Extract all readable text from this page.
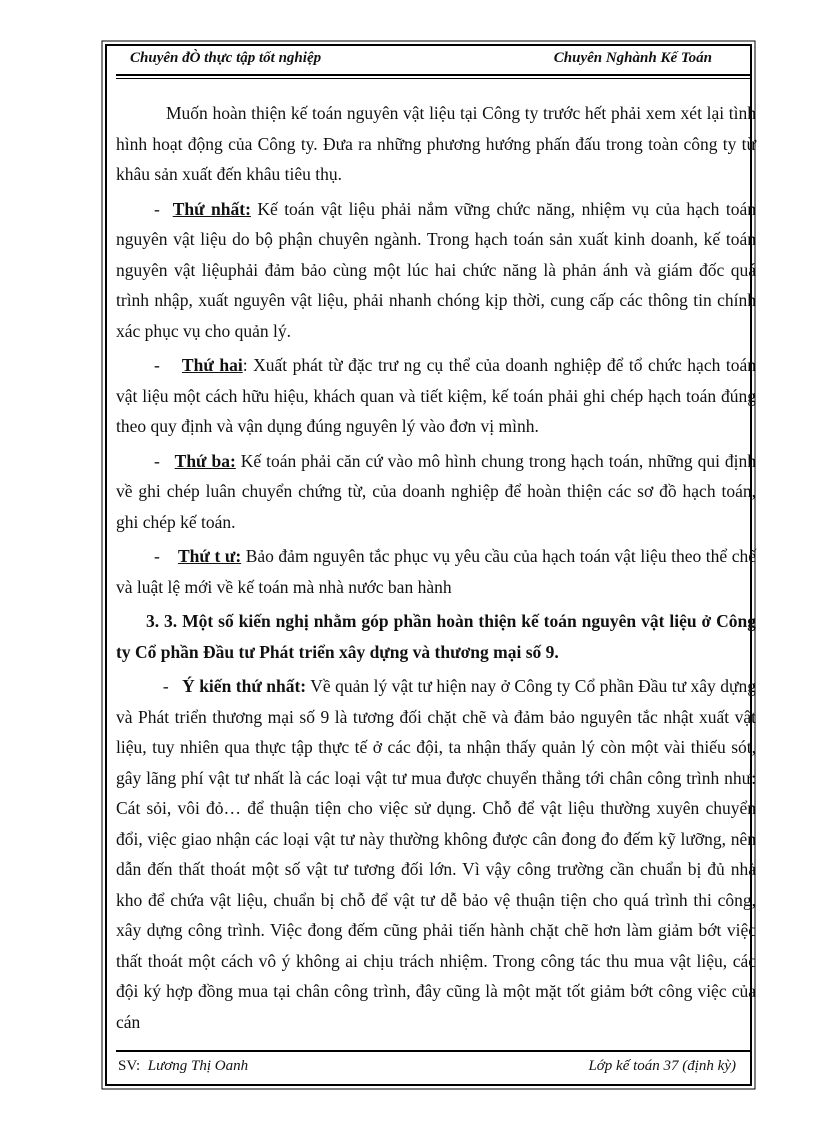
Chuyên đÒ thực tập tốt nghiệp	Chuyên Nghành Kế Toán

Muốn hoàn thiện kế toán nguyên vật liệu tại Công ty trước hết phải xem xét lại tình hình hoạt động của Công ty. Đưa ra những phương hướng phấn đấu trong toàn công ty từ khâu sản xuất đến khâu tiêu thụ.

-  Thứ nhất: Kế toán vật liệu phải nắm vững chức năng, nhiệm vụ của hạch toán nguyên vật liệu do bộ phận chuyên ngành. Trong hạch toán sản xuất kinh doanh, kế toán nguyên vật liệuphải đảm bảo cùng một lúc hai chức năng là phản ánh và giám đốc quá trình nhập, xuất nguyên vật liệu, phải nhanh chóng kịp thời, cung cấp các thông tin chính xác phục vụ cho quản lý.

-    Thứ hai: Xuất phát từ đặc trư ng cụ thể của doanh nghiệp để tổ chức hạch toán vật liệu một cách hữu hiệu, khách quan và tiết kiệm, kế toán phải ghi chép hạch toán đúng theo quy định và vận dụng đúng nguyên lý vào đơn vị mình.

-   Thứ ba: Kế toán phải căn cứ vào mô hình chung trong hạch toán, những qui định về ghi chép luân chuyển chứng từ, của doanh nghiệp để hoàn thiện các sơ đồ hạch toán, ghi chép kế toán.

-    Thứ t ư: Bảo đảm nguyên tắc phục vụ yêu cầu của hạch toán vật liệu theo thể chế và luật lệ mới về kế toán mà nhà nước ban hành

3. 3. Một số kiến nghị nhằm góp phần hoàn thiện kế toán nguyên vật liệu ở Công ty Cổ phần Đầu tư Phát triển xây dựng và thương mại số 9.

-   Ý kiến thứ nhất: Về quản lý vật tư hiện nay ở Công ty Cổ phần Đầu tư xây dựng và Phát triển thương mại số 9 là tương đối chặt chẽ và đảm bảo nguyên tắc nhật xuất vật liệu, tuy nhiên qua thực tập thực tế ở các đội, ta nhận thấy quản lý còn một vài thiếu sót, gây lãng phí vật tư nhất là các loại vật tư mua được chuyển thẳng tới chân công trình như: Cát sỏi, vôi đỏ… để thuận tiện cho việc sử dụng. Chỗ để vật liệu thường xuyên chuyển đổi, việc giao nhận các loại vật tư này thường không được cân đong đo đếm kỹ lưỡng, nên dẫn đến thất thoát một số vật tư tương đối lớn. Vì vậy công trường cần chuẩn bị đủ nhà kho để chứa vật liệu, chuẩn bị chỗ để vật tư dễ bảo vệ thuận tiện cho quá trình thi công, xây dựng công trình. Việc đong đếm cũng phải tiến hành chặt chẽ hơn làm giảm bớt việc thất thoát một cách vô ý không ai chịu trách nhiệm. Trong công tác thu mua vật liệu, các đội ký hợp đồng mua tại chân công trình, đây cũng là một mặt tốt giảm bớt công việc của cán

SV: Lương Thị Oanh	Lớp kế toán 37 (định kỳ)
